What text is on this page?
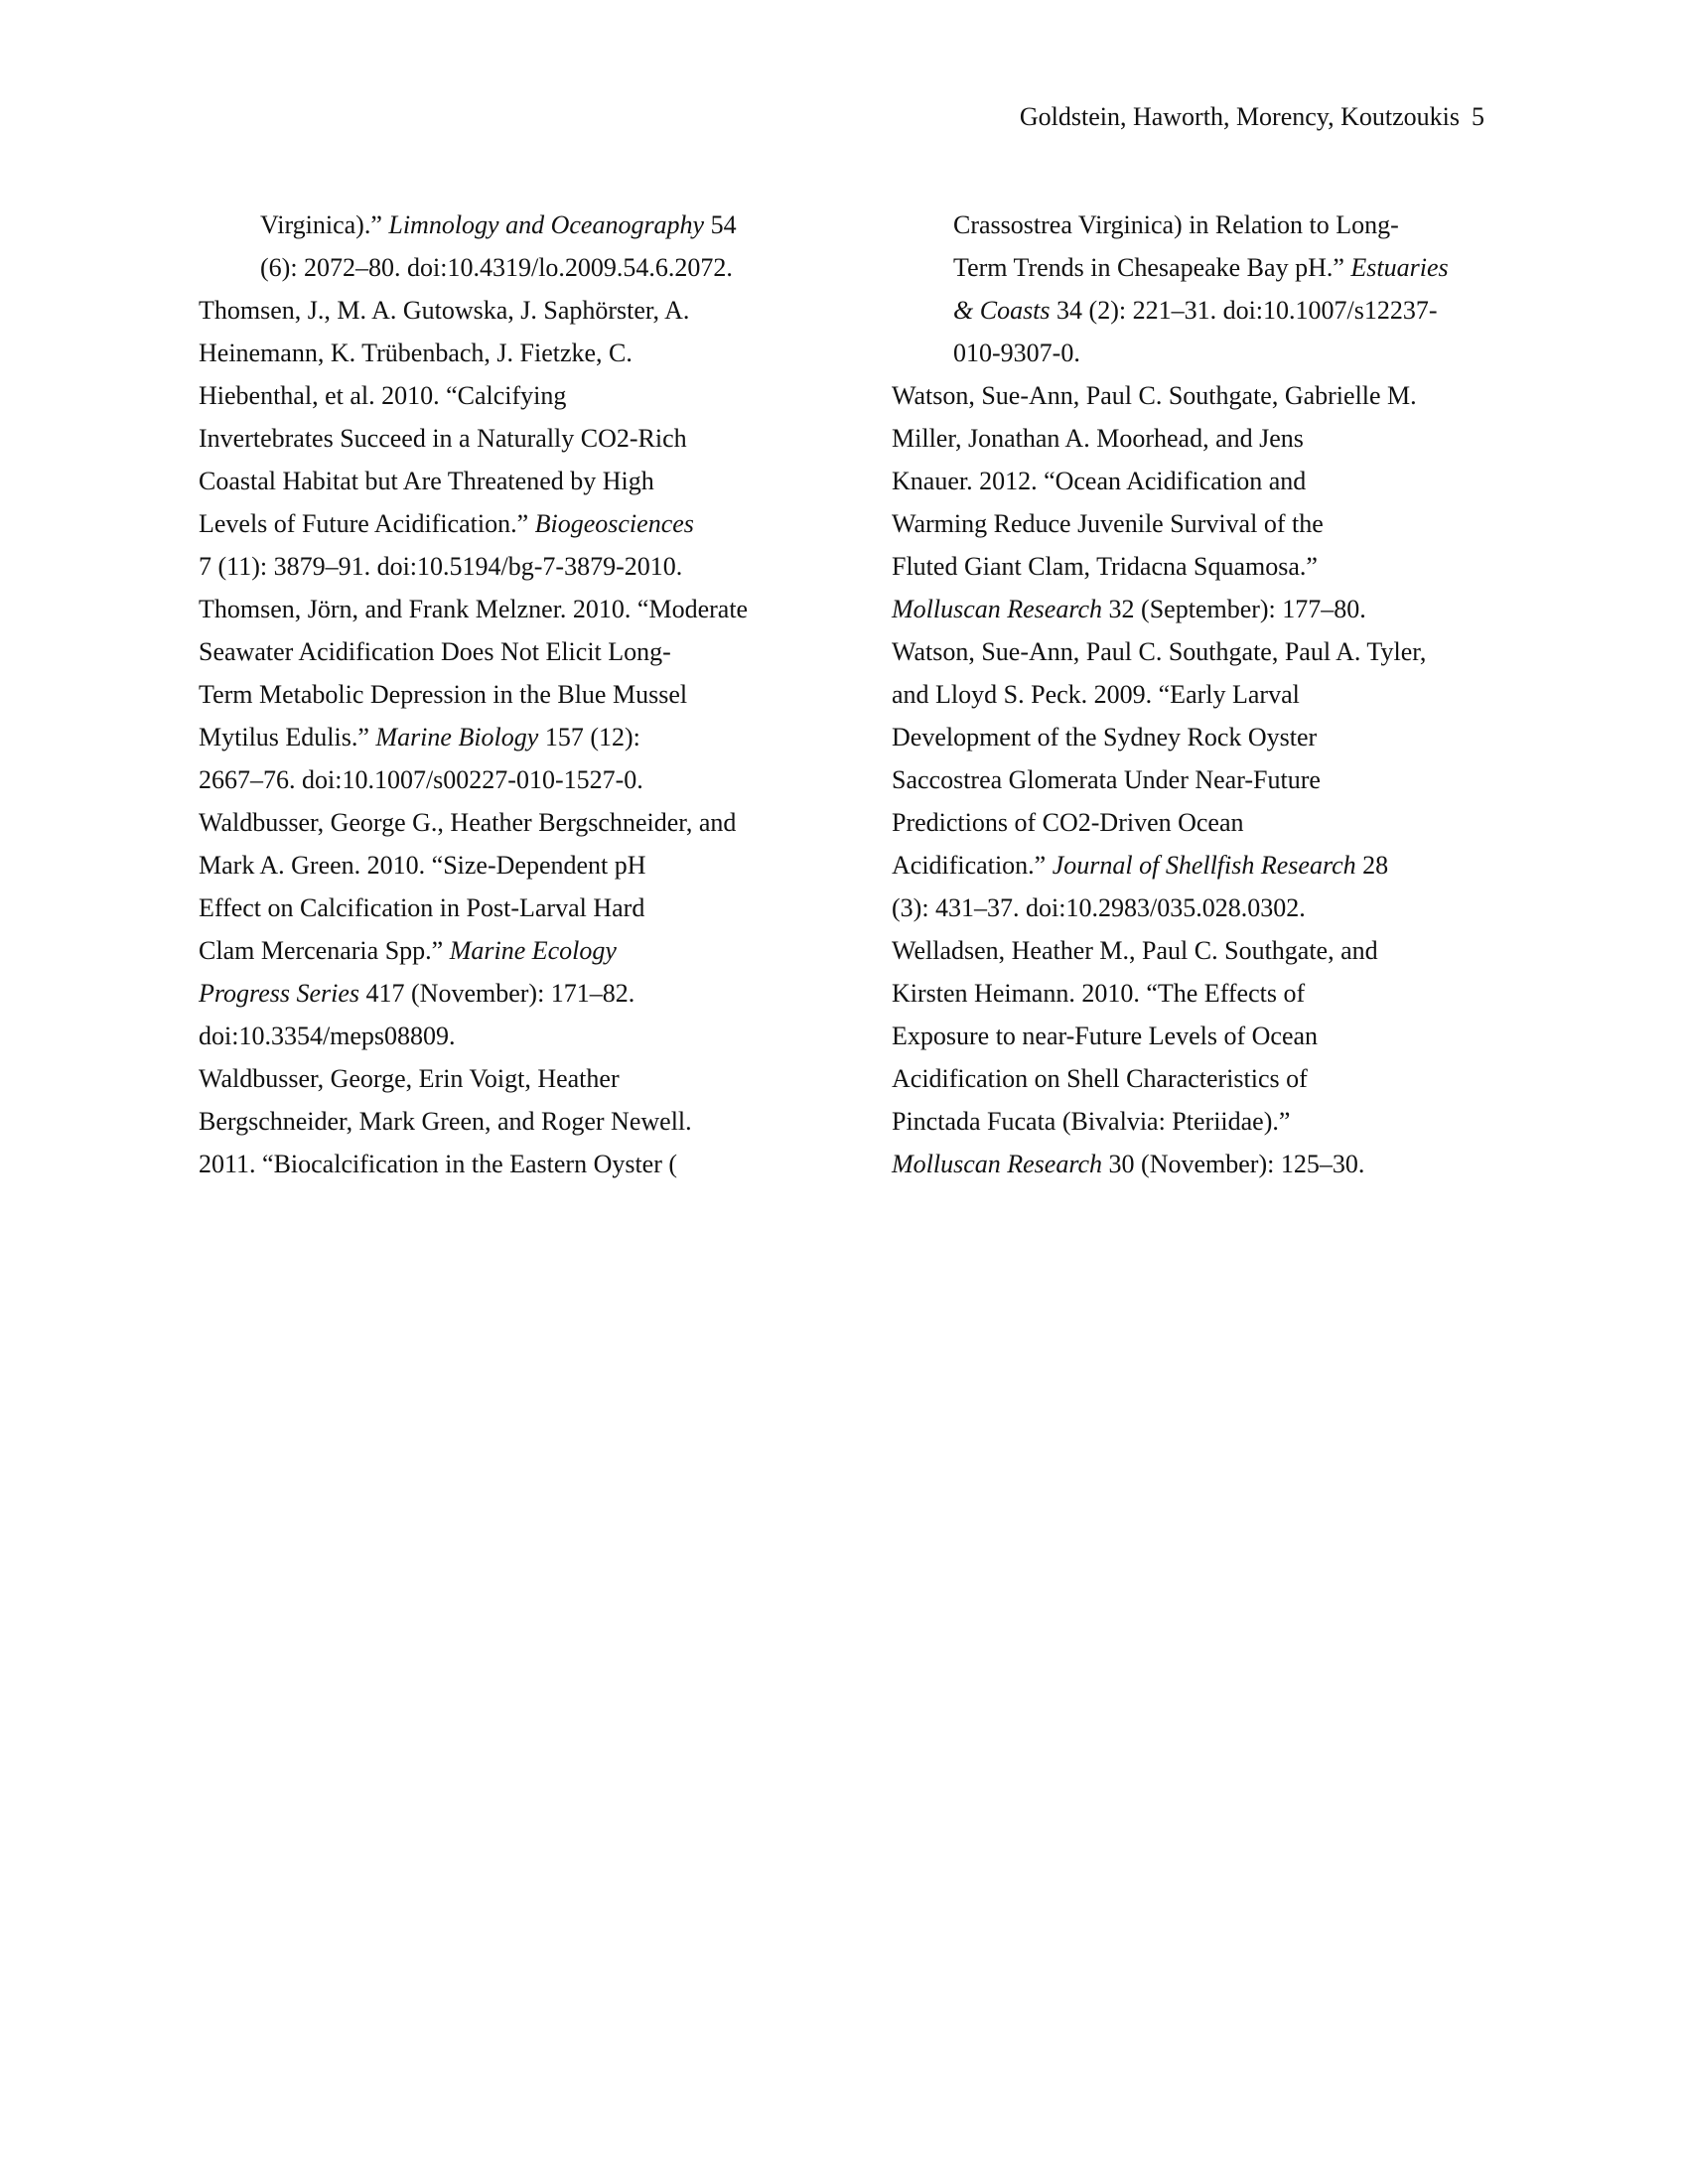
Goldstein, Haworth, Morency, Koutzoukis 5

Virginica).” Limnology and Oceanography 54
(6): 2072–80. doi:10.4319/lo.2009.54.6.2072.

Thomsen, J., M. A. Gutowska, J. Saphörster, A.
Heinemann, K. Trübenbach, J. Fietzke, C.
Hiebenthal, et al. 2010. “Calcifying
Invertebrates Succeed in a Naturally CO2-Rich
Coastal Habitat but Are Threatened by High
Levels of Future Acidification.” Biogeosciences
7 (11): 3879–91. doi:10.5194/bg-7-3879-2010.

Thomsen, Jörn, and Frank Melzner. 2010. “Moderate
Seawater Acidification Does Not Elicit Long-
Term Metabolic Depression in the Blue Mussel
Mytilus Edulis.” Marine Biology 157 (12):
2667–76. doi:10.1007/s00227-010-1527-0.

Waldbusser, George G., Heather Bergschneider, and
Mark A. Green. 2010. “Size-Dependent pH
Effect on Calcification in Post-Larval Hard
Clam Mercenaria Spp.” Marine Ecology
Progress Series 417 (November): 171–82.
doi:10.3354/meps08809.

Waldbusser, George, Erin Voigt, Heather
Bergschneider, Mark Green, and Roger Newell.
2011. “Biocalcification in the Eastern Oyster (

Crassostrea Virginica) in Relation to Long-
Term Trends in Chesapeake Bay pH.” Estuaries
& Coasts 34 (2): 221–31. doi:10.1007/s12237-
010-9307-0.

Watson, Sue-Ann, Paul C. Southgate, Gabrielle M.
Miller, Jonathan A. Moorhead, and Jens
Knauer. 2012. “Ocean Acidification and
Warming Reduce Juvenile Survival of the
Fluted Giant Clam, Tridacna Squamosa.”
Molluscan Research 32 (September): 177–80.

Watson, Sue-Ann, Paul C. Southgate, Paul A. Tyler,
and Lloyd S. Peck. 2009. “Early Larval
Development of the Sydney Rock Oyster
Saccostrea Glomerata Under Near-Future
Predictions of CO2-Driven Ocean
Acidification.” Journal of Shellfish Research 28
(3): 431–37. doi:10.2983/035.028.0302.

Welladsen, Heather M., Paul C. Southgate, and
Kirsten Heimann. 2010. “The Effects of
Exposure to near-Future Levels of Ocean
Acidification on Shell Characteristics of
Pinctada Fucata (Bivalvia: Pteriidae).”
Molluscan Research 30 (November): 125–30.
